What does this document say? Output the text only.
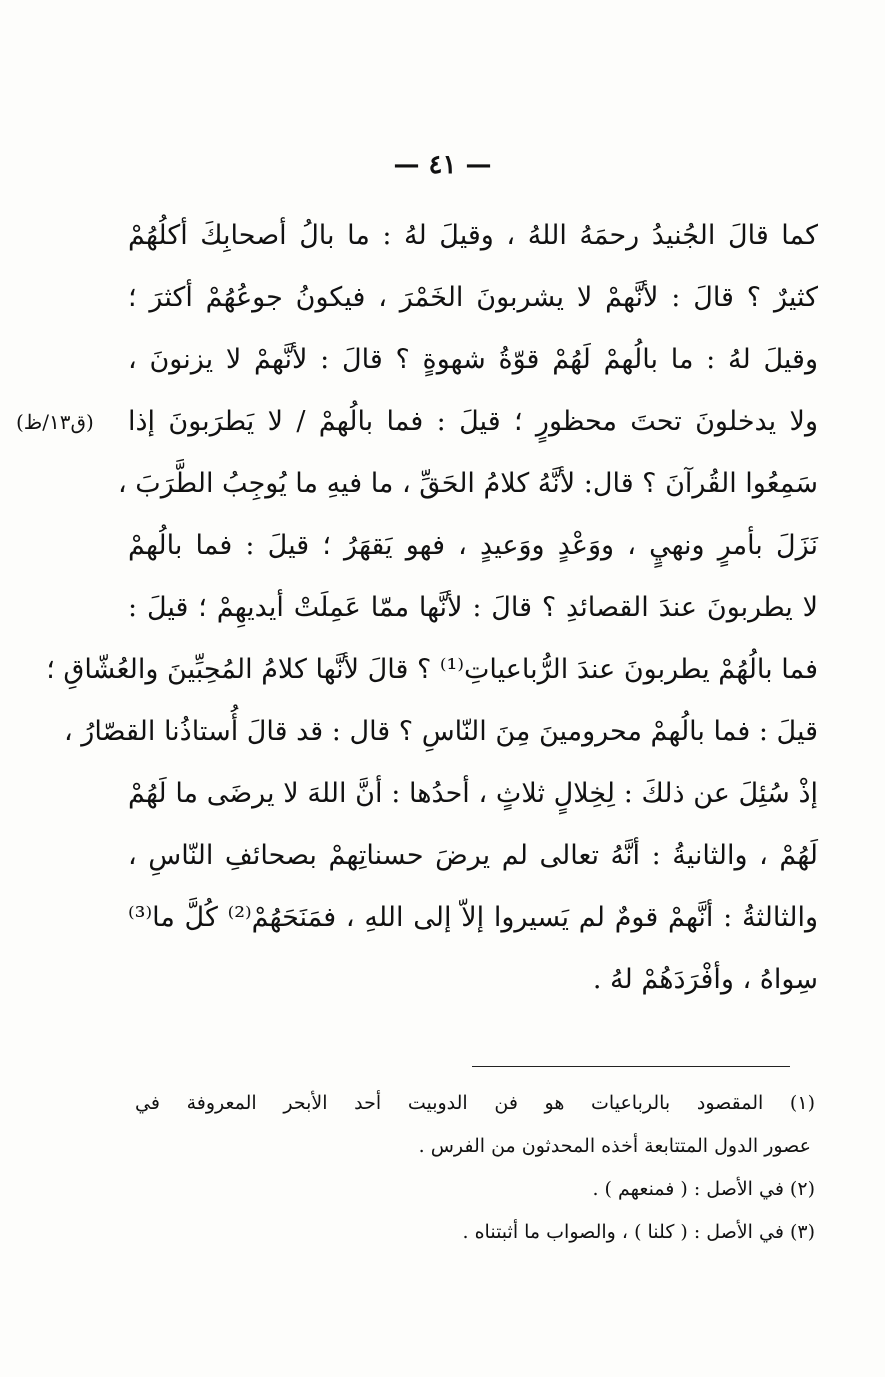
— ٤١ —
(ق١٣/ظ)
كما قالَ الجُنيدُ رحمَهُ اللهُ ، وقيلَ لهُ : ما بالُ أصحابِكَ أكلُهُمْ
كثيرٌ ؟ قالَ : لأنَّهمْ لا يشربونَ الخَمْرَ ، فيكونُ جوعُهُمْ أكثرَ ؛
وقيلَ لهُ : ما بالُهمْ لَهُمْ قوّةُ شهوةٍ ؟ قالَ : لأنَّهمْ لا يزنونَ ،
ولا يدخلونَ تحتَ محظورٍ ؛ قيلَ : فما بالُهمْ / لا يَطرَبونَ إذا
سَمِعُوا القُرآنَ ؟ قال: لأنَّهُ كلامُ الحَقِّ ، ما فيهِ ما يُوجِبُ الطَّرَبَ ،
نَزَلَ بأمرٍ ونهيٍ ، ووَعْدٍ ووَعيدٍ ، فهو يَقهَرُ ؛ قيلَ : فما بالُهمْ
لا يطربونَ عندَ القصائدِ ؟ قالَ : لأنَّها ممّا عَمِلَتْ أيديهِمْ ؛ قيلَ :
فما بالُهُمْ يطربونَ عندَ الرُّباعياتِ⁽¹⁾ ؟ قالَ لأنَّها كلامُ المُحِبِّينَ والعُشّاقِ ؛
قيلَ : فما بالُهمْ محرومينَ مِنَ النّاسِ ؟ قال : قد قالَ أُستاذُنا القصّارُ ،
إذْ سُئِلَ عن ذلكَ : لِخِلالٍ ثلاثٍ ، أحدُها : أنَّ اللهَ لا يرضَى ما لَهُمْ
لَهُمْ ، والثانيةُ : أنَّهُ تعالى لم يرضَ حسناتِهمْ بصحائفِ النّاسِ ،
والثالثةُ : أنَّهمْ قومٌ لم يَسيروا إلاّ إلى اللهِ ، فمَنَحَهُمْ⁽²⁾ كُلَّ ما⁽³⁾
سِواهُ ، وأفْرَدَهُمْ لهُ .
(١) المقصود بالرباعيات هو فن الدوبيت أحد الأبحر المعروفة في
عصور الدول المتتابعة أخذه المحدثون من الفرس .
(٢) في الأصل : ( فمنعهم ) .
(٣) في الأصل : ( كلنا ) ، والصواب ما أثبتناه .
